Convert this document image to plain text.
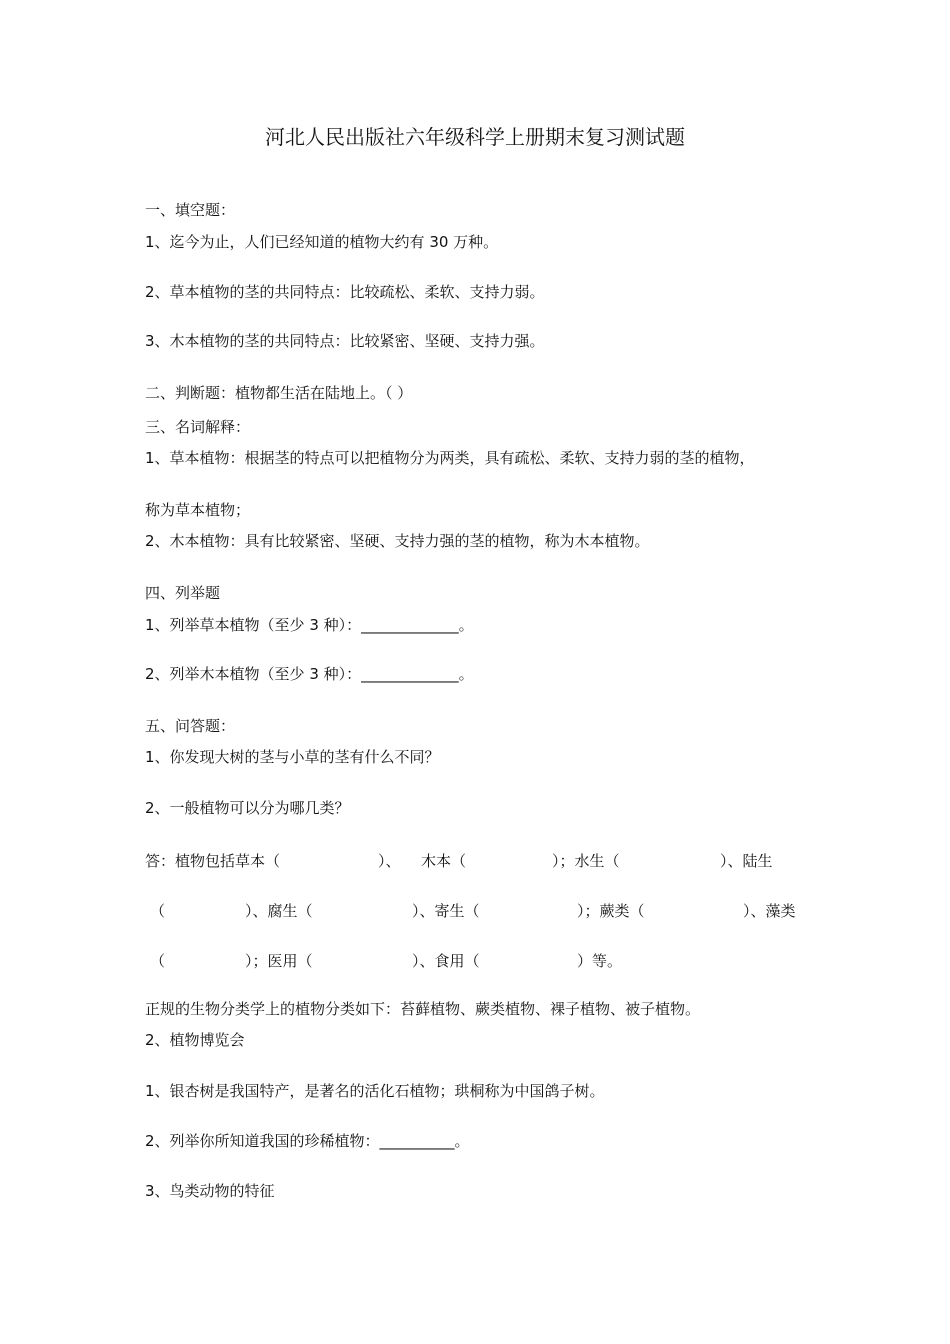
河北人民出版社六年级科学上册期末复习测试题

一、填空题：

1、迄今为止，人们已经知道的植物大约有 30 万种。

2、草本植物的茎的共同特点：比较疏松、柔软、支持力弱。

3、木本植物的茎的共同特点：比较紧密、坚硬、支持力强。

二、判断题：植物都生活在陆地上。（ ）

三、名词解释：

1、草本植物：根据茎的特点可以把植物分为两类，具有疏松、柔软、支持力弱的茎的植物，

称为草本植物；

2、木本植物：具有比较紧密、坚硬、支持力强的茎的植物，称为木本植物。

四、列举题

1、列举草本植物（至少 3 种）：_____________。

2、列举木本植物（至少 3 种）：_____________。

五、问答题：

1、你发现大树的茎与小草的茎有什么不同？

2、一般植物可以分为哪几类？

答：植物包括草本（	）、 木本（	）；水生（	）、陆生
（	）、腐生（	）、寄生（	）；蕨类（	）、藻类
（	）；医用（	）、食用（	）等。

正规的生物分类学上的植物分类如下：苔藓植物、蕨类植物、裸子植物、被子植物。

2、植物博览会

1、银杏树是我国特产，是著名的活化石植物；珙桐称为中国鸽子树。

2、列举你所知道我国的珍稀植物：__________。

3、鸟类动物的特征
